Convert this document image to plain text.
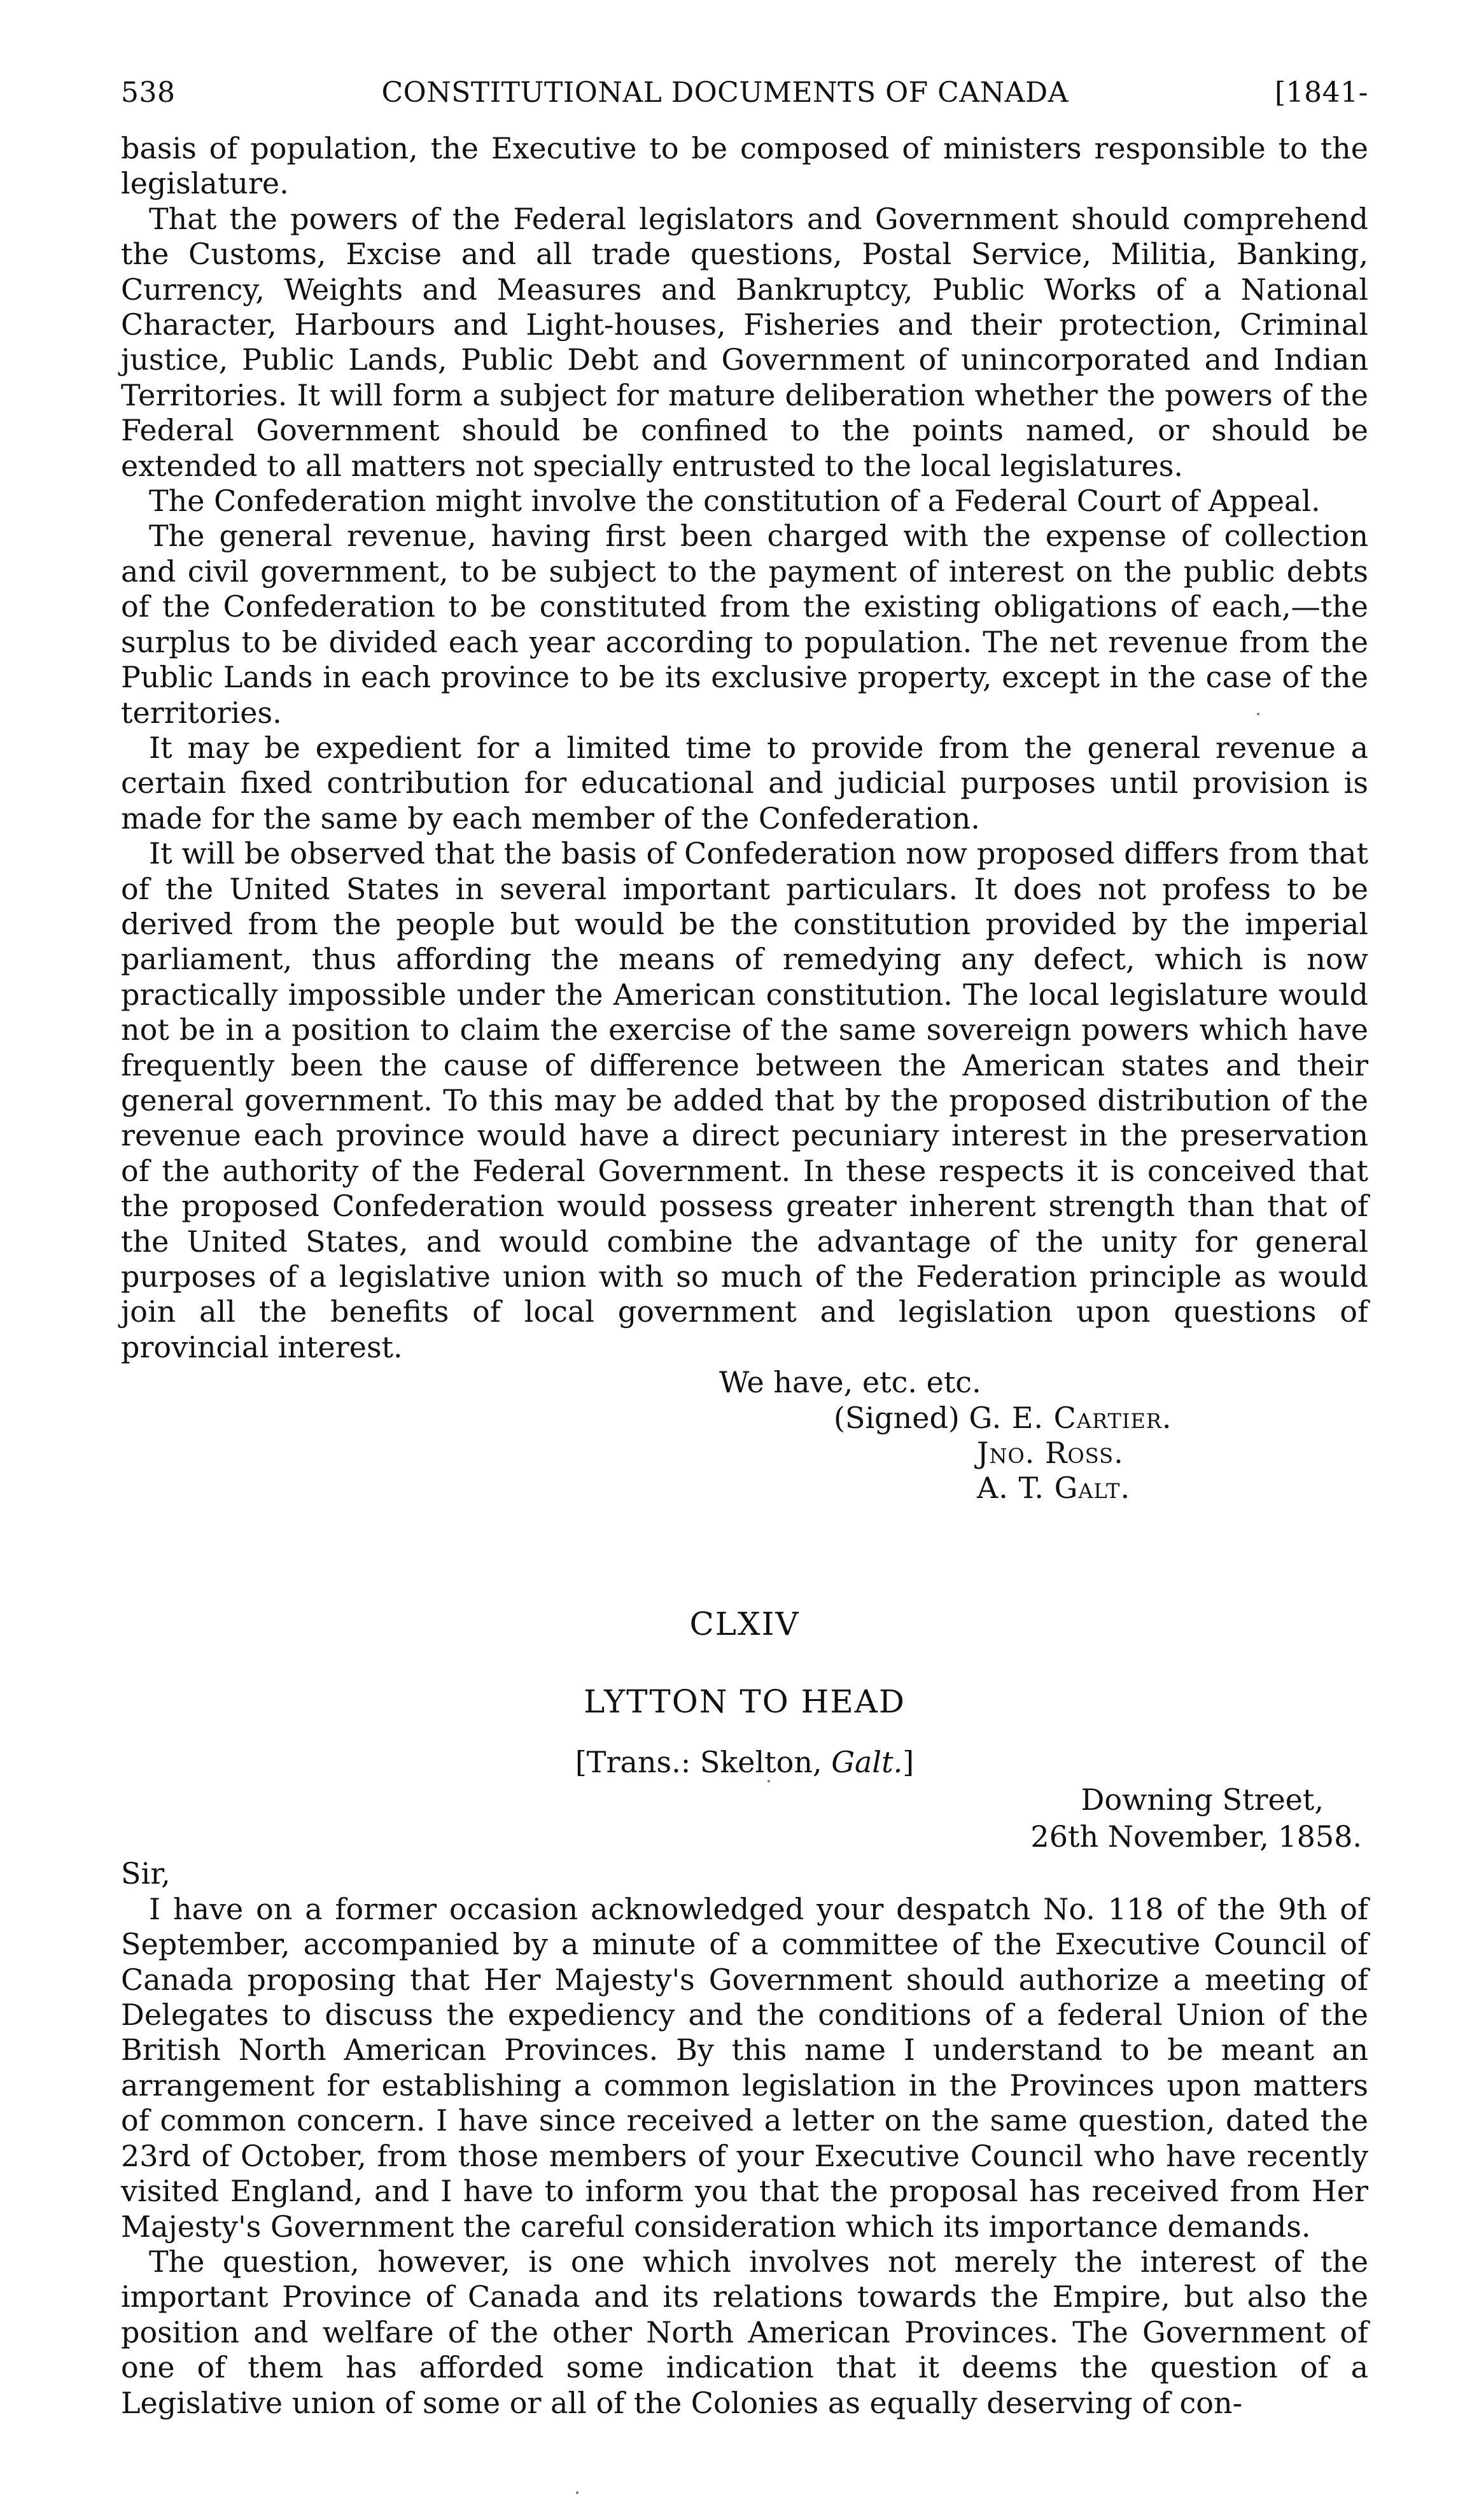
538	CONSTITUTIONAL DOCUMENTS OF CANADA	[1841-

basis of population, the Executive to be composed of ministers responsible to the legislature.

That the powers of the Federal legislators and Government should comprehend the Customs, Excise and all trade questions, Postal Service, Militia, Banking, Currency, Weights and Measures and Bankruptcy, Public Works of a National Character, Harbours and Light-houses, Fisheries and their protection, Criminal justice, Public Lands, Public Debt and Government of unincorporated and Indian Territories. It will form a subject for mature deliberation whether the powers of the Federal Government should be confined to the points named, or should be extended to all matters not specially entrusted to the local legislatures.

The Confederation might involve the constitution of a Federal Court of Appeal.

The general revenue, having first been charged with the expense of collection and civil government, to be subject to the payment of interest on the public debts of the Confederation to be constituted from the existing obligations of each,—the surplus to be divided each year according to population. The net revenue from the Public Lands in each province to be its exclusive property, except in the case of the territories.

It may be expedient for a limited time to provide from the general revenue a certain fixed contribution for educational and judicial purposes until provision is made for the same by each member of the Confederation.

It will be observed that the basis of Confederation now proposed differs from that of the United States in several important particulars. It does not profess to be derived from the people but would be the constitution provided by the imperial parliament, thus affording the means of remedying any defect, which is now practically impossible under the American constitution. The local legislature would not be in a position to claim the exercise of the same sovereign powers which have frequently been the cause of difference between the American states and their general government. To this may be added that by the proposed distribution of the revenue each province would have a direct pecuniary interest in the preservation of the authority of the Federal Government. In these respects it is conceived that the proposed Confederation would possess greater inherent strength than that of the United States, and would combine the advantage of the unity for general purposes of a legislative union with so much of the Federation principle as would join all the benefits of local government and legislation upon questions of provincial interest.

We have, etc. etc.

(Signed) G. E. Cartier.

Jno. Ross.

A. T. Galt.

CLXIV
LYTTON TO HEAD
[Trans.: Skelton, Galt.]
Downing Street,
26th November, 1858.

Sir,

I have on a former occasion acknowledged your despatch No. 118 of the 9th of September, accompanied by a minute of a committee of the Executive Council of Canada proposing that Her Majesty's Government should authorize a meeting of Delegates to discuss the expediency and the conditions of a federal Union of the British North American Provinces. By this name I understand to be meant an arrangement for establishing a common legislation in the Provinces upon matters of common concern. I have since received a letter on the same question, dated the 23rd of October, from those members of your Executive Council who have recently visited England, and I have to inform you that the proposal has received from Her Majesty's Government the careful consideration which its importance demands.

The question, however, is one which involves not merely the interest of the important Province of Canada and its relations towards the Empire, but also the position and welfare of the other North American Provinces. The Government of one of them has afforded some indication that it deems the question of a Legislative union of some or all of the Colonies as equally deserving of con-
